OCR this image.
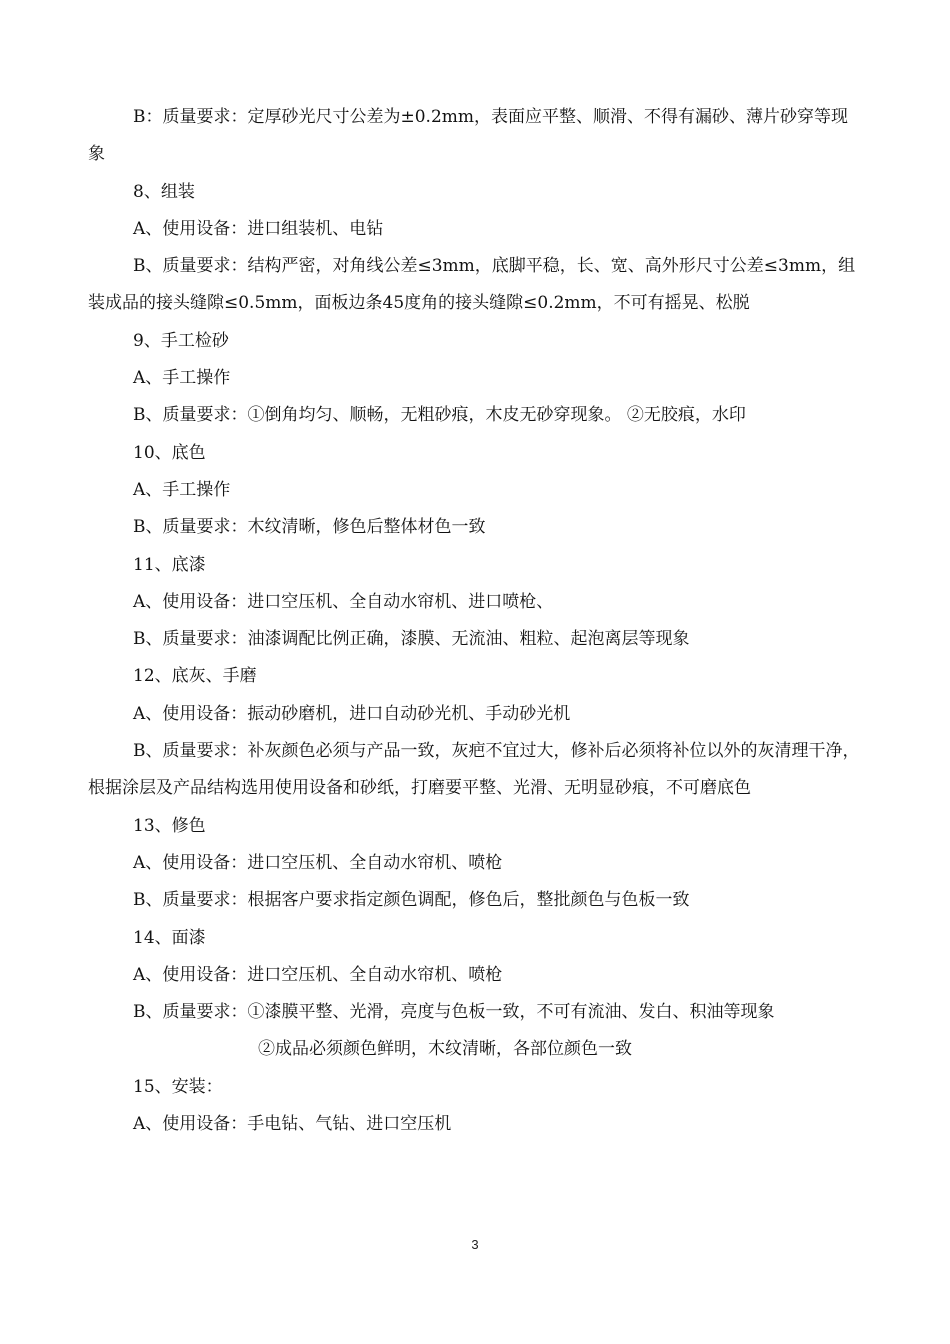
B：质量要求：定厚砂光尺寸公差为±0.2mm，表面应平整、顺滑、不得有漏砂、薄片砂穿等现象

8、组装

A、使用设备：进口组装机、电钻

B、质量要求：结构严密，对角线公差≤3mm，底脚平稳，长、宽、高外形尺寸公差≤3mm，组装成品的接头缝隙≤0.5mm，面板边条45度角的接头缝隙≤0.2mm，不可有摇晃、松脱

9、手工检砂

A、手工操作

B、质量要求：①倒角均匀、顺畅，无粗砂痕，木皮无砂穿现象。 ②无胶痕，水印

10、底色

A、手工操作

B、质量要求：木纹清晰，修色后整体材色一致

11、底漆

A、使用设备：进口空压机、全自动水帘机、进口喷枪、

B、质量要求：油漆调配比例正确，漆膜、无流油、粗粒、起泡离层等现象

12、底灰、手磨

A、使用设备：振动砂磨机，进口自动砂光机、手动砂光机

B、质量要求：补灰颜色必须与产品一致，灰疤不宜过大，修补后必须将补位以外的灰清理干净，根据涂层及产品结构选用使用设备和砂纸，打磨要平整、光滑、无明显砂痕，不可磨底色

13、修色

A、使用设备：进口空压机、全自动水帘机、喷枪

B、质量要求：根据客户要求指定颜色调配，修色后，整批颜色与色板一致

14、面漆

A、使用设备：进口空压机、全自动水帘机、喷枪

B、质量要求：①漆膜平整、光滑，亮度与色板一致，不可有流油、发白、积油等现象

②成品必须颜色鲜明，木纹清晰，各部位颜色一致

15、安装：

A、使用设备：手电钻、气钻、进口空压机

3
